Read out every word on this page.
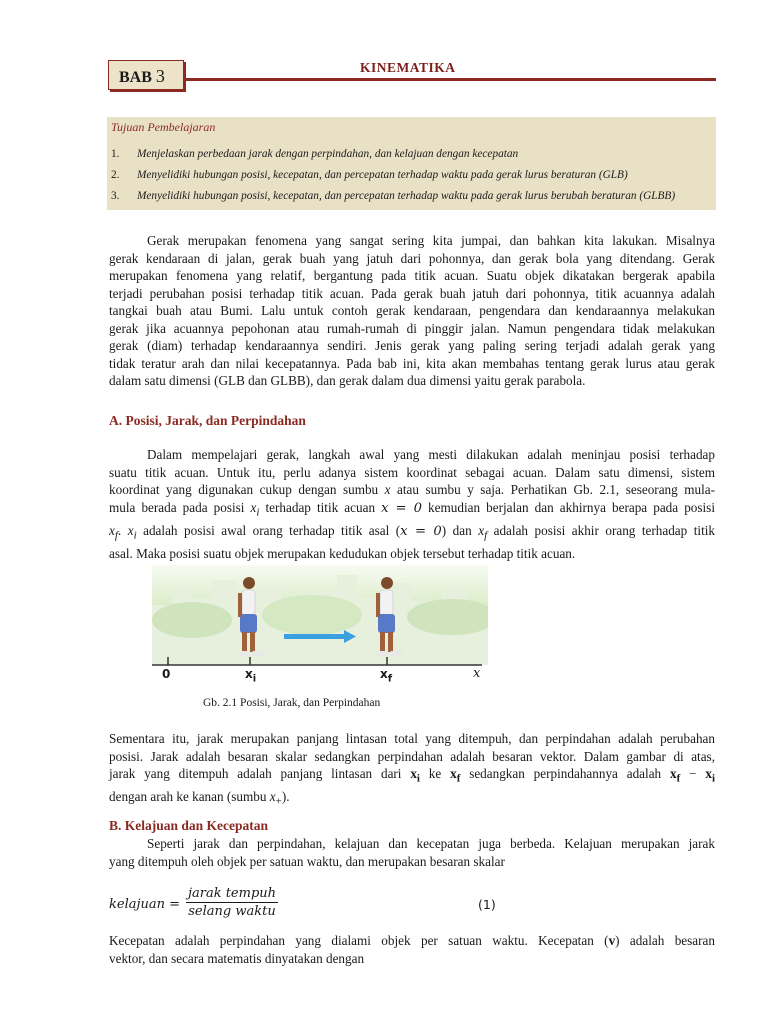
BAB 3	KINEMATIKA
Tujuan Pembelajaran
1. Menjelaskan perbedaan jarak dengan perpindahan, dan kelajuan dengan kecepatan
2. Menyelidiki hubungan posisi, kecepatan, dan percepatan terhadap waktu pada gerak lurus beraturan (GLB)
3. Menyelidiki hubungan posisi, kecepatan, dan percepatan terhadap waktu pada gerak lurus berubah beraturan (GLBB)
Gerak merupakan fenomena yang sangat sering kita jumpai, dan bahkan kita lakukan. Misalnya
gerak kendaraan di jalan, gerak buah yang jatuh dari pohonnya, dan gerak bola yang ditendang. Gerak
merupakan fenomena yang relatif, bergantung pada titik acuan. Suatu objek dikatakan bergerak apabila
terjadi perubahan posisi terhadap titik acuan. Pada gerak buah jatuh dari pohonnya, titik acuannya adalah
tangkai buah atau Bumi. Lalu untuk contoh gerak kendaraan, pengendara dan kendaraannya melakukan
gerak jika acuannya pepohonan atau rumah-rumah di pinggir jalan. Namun pengendara tidak melakukan
gerak (diam) terhadap kendaraannya sendiri. Jenis gerak yang paling sering terjadi adalah gerak yang
tidak teratur arah dan nilai kecepatannya. Pada bab ini, kita akan membahas tentang gerak lurus atau gerak
dalam satu dimensi (GLB dan GLBB), dan gerak dalam dua dimensi yaitu gerak parabola.
A. Posisi, Jarak, dan Perpindahan
Dalam mempelajari gerak, langkah awal yang mesti dilakukan adalah meninjau posisi terhadap
suatu titik acuan. Untuk itu, perlu adanya sistem koordinat sebagai acuan. Dalam satu dimensi, sistem
koordinat yang digunakan cukup dengan sumbu x atau sumbu y saja. Perhatikan Gb. 2.1, seseorang mula-
mula berada pada posisi $x_i$ terhadap titik acuan x = 0 kemudian berjalan dan akhirnya berapa pada posisi
$x_f$. $x_i$ adalah posisi awal orang terhadap titik asal (x = 0) dan $x_f$ adalah posisi akhir orang terhadap titik
asal. Maka posisi suatu objek merupakan kedudukan objek tersebut terhadap titik acuan.
0	$x_i$	$x_f$	x
Gb. 2.1 Posisi, Jarak, dan Perpindahan
Sementara itu, jarak merupakan panjang lintasan total yang ditempuh, dan perpindahan adalah perubahan
posisi. Jarak adalah besaran skalar sedangkan perpindahan adalah besaran vektor. Dalam gambar di atas,
jarak yang ditempuh adalah panjang lintasan dari $x_i$ ke $x_f$ sedangkan perpindahannya adalah $x_f - x_i$
dengan arah ke kanan (sumbu $x_+$).
B. Kelajuan dan Kecepatan
Seperti jarak dan perpindahan, kelajuan dan kecepatan juga berbeda. Kelajuan merupakan jarak
yang ditempuh oleh objek per satuan waktu, dan merupakan besaran skalar
kelajuan =
jarak tempuh
selang waktu	(1)
Kecepatan adalah perpindahan yang dialami objek per satuan waktu. Kecepatan (v) adalah besaran
vektor, dan secara matematis dinyatakan dengan
